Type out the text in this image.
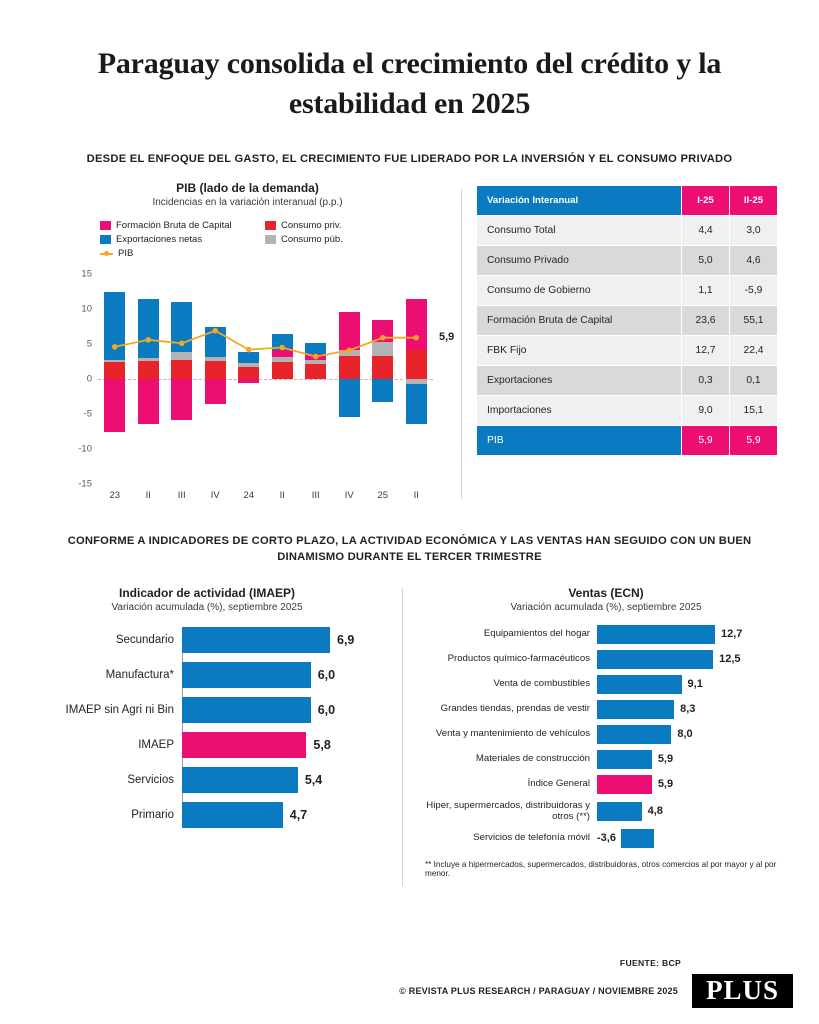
Paraguay consolida el crecimiento del crédito y la estabilidad en 2025
DESDE EL ENFOQUE DEL GASTO, EL CRECIMIENTO FUE LIDERADO POR LA INVERSIÓN Y EL CONSUMO PRIVADO
PIB (lado de la demanda)
Incidencias en la variación interanual (p.p.)
Formación Bruta de Capital	Consumo priv.
Exportaciones netas	Consumo púb.
PIB
-15
-10
-5
0
5
10
15
23	II	III	IV	24	II	III	IV	25	II
5,9
Variación Interanual	I-25	II-25
Consumo Total	4,4	3,0
Consumo Privado	5,0	4,6
Consumo de Gobierno	1,1	-5,9
Formación Bruta de Capital	23,6	55,1
FBK Fijo	12,7	22,4
Exportaciones	0,3	0,1
Importaciones	9,0	15,1
PIB	5,9	5,9
CONFORME A INDICADORES DE CORTO PLAZO, LA ACTIVIDAD ECONÓMICA Y LAS VENTAS HAN SEGUIDO CON UN BUEN DINAMISMO DURANTE EL TERCER TRIMESTRE
Indicador de actividad (IMAEP)
Variación acumulada (%), septiembre 2025
Secundario	6,9
Manufactura*	6,0
IMAEP sin Agri ni Bin	6,0
IMAEP	5,8
Servicios	5,4
Primario	4,7
Ventas (ECN)
Variación acumulada (%), septiembre 2025
Equipamientos del hogar	12,7
Productos químico-farmacéuticos	12,5
Venta de combustibles	9,1
Grandes tiendas, prendas de vestir	8,3
Venta y mantenimiento de vehículos	8,0
Materiales de construcción	5,9
Índice General	5,9
Hiper, supermercados, distribuidoras y otros (**)	4,8
Servicios de telefonía móvil -3,6
** Incluye a hipermercados, supermercados, distribuidoras, otros comercios al por mayor y al por menor.
FUENTE: BCP
© REVISTA PLUS RESEARCH / PARAGUAY / NOVIEMBRE 2025	PLUS
